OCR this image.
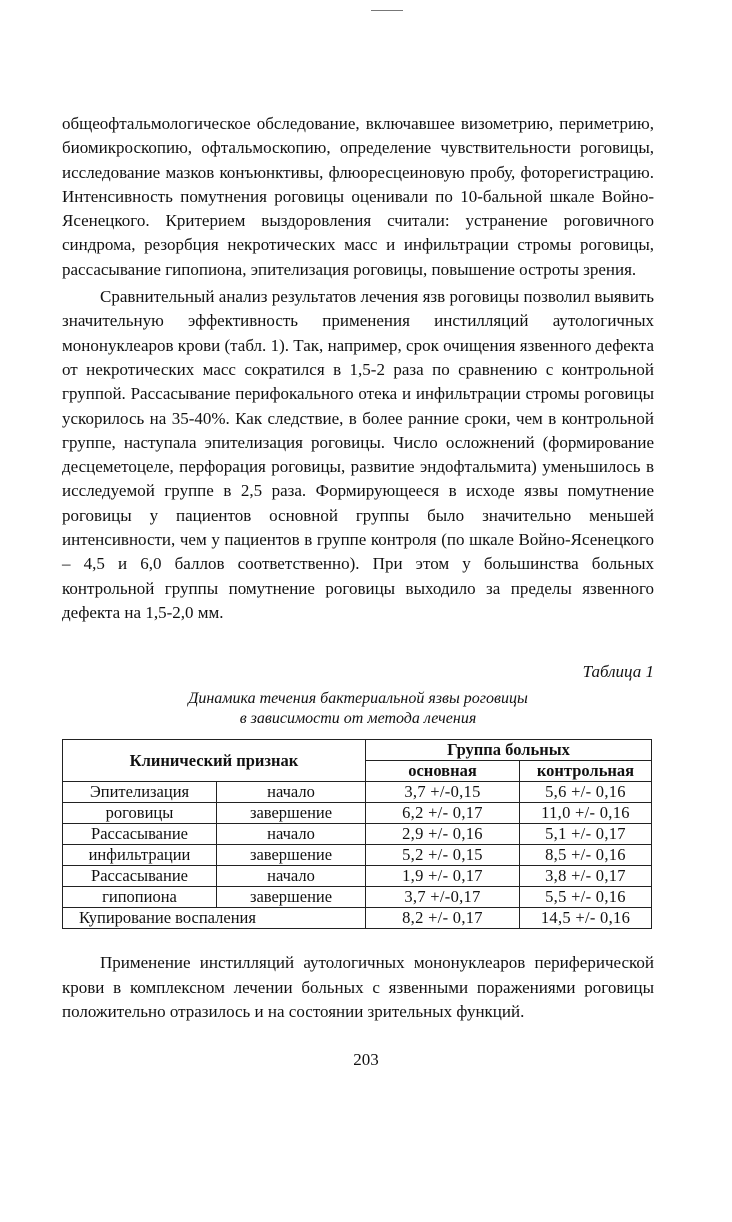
общеофтальмологическое обследование, включавшее визометрию, периметрию, биомикроскопию, офтальмоскопию, определение чувствительности роговицы, исследование мазков конъюнктивы, флюоресцеиновую пробу, фоторегистрацию. Интенсивность помутнения роговицы оценивали по 10-бальной шкале Войно-Ясенецкого. Критерием выздоровления считали: устранение роговичного синдрома, резорбция некротических масс и инфильтрации стромы роговицы, рассасывание гипопиона, эпителизация роговицы, повышение остроты зрения.

Сравнительный анализ результатов лечения язв роговицы позволил выявить значительную эффективность применения инстилляций аутологичных мононуклеаров крови (табл. 1). Так, например, срок очищения язвенного дефекта от некротических масс сократился в 1,5-2 раза по сравнению с контрольной группой. Рассасывание перифокального отека и инфильтрации стромы роговицы ускорилось на 35-40%. Как следствие, в более ранние сроки, чем в контрольной группе, наступала эпителизация роговицы. Число осложнений (формирование десцеметоцеле, перфорация роговицы, развитие эндофтальмита) уменьшилось в исследуемой группе в 2,5 раза. Формирующееся в исходе язвы помутнение роговицы у пациентов основной группы было значительно меньшей интенсивности, чем у пациентов в группе контроля (по шкале Войно-Ясенецкого – 4,5 и 6,0 баллов соответственно). При этом у большинства больных контрольной группы помутнение роговицы выходило за пределы язвенного дефекта на 1,5-2,0 мм.

Таблица 1
Динамика течения бактериальной язвы роговицы
в зависимости от метода лечения
Клинический признак		Группа больных	
		основная	контрольная
Эпителизация	начало	3,7 +/-0,15	5,6 +/- 0,16
роговицы	завершение	6,2 +/- 0,17	11,0 +/- 0,16
Рассасывание	начало	2,9 +/- 0,16	5,1 +/- 0,17
инфильтрации	завершение	5,2 +/- 0,15	8,5 +/- 0,16
Рассасывание	начало	1,9 +/- 0,17	3,8 +/- 0,17
гипопиона	завершение	3,7 +/-0,17	5,5 +/- 0,16
Купирование воспаления		8,2 +/- 0,17	14,5 +/- 0,16

Применение инстилляций аутологичных мононуклеаров периферической крови в комплексном лечении больных с язвенными поражениями роговицы положительно отразилось и на состоянии зрительных функций.

203
